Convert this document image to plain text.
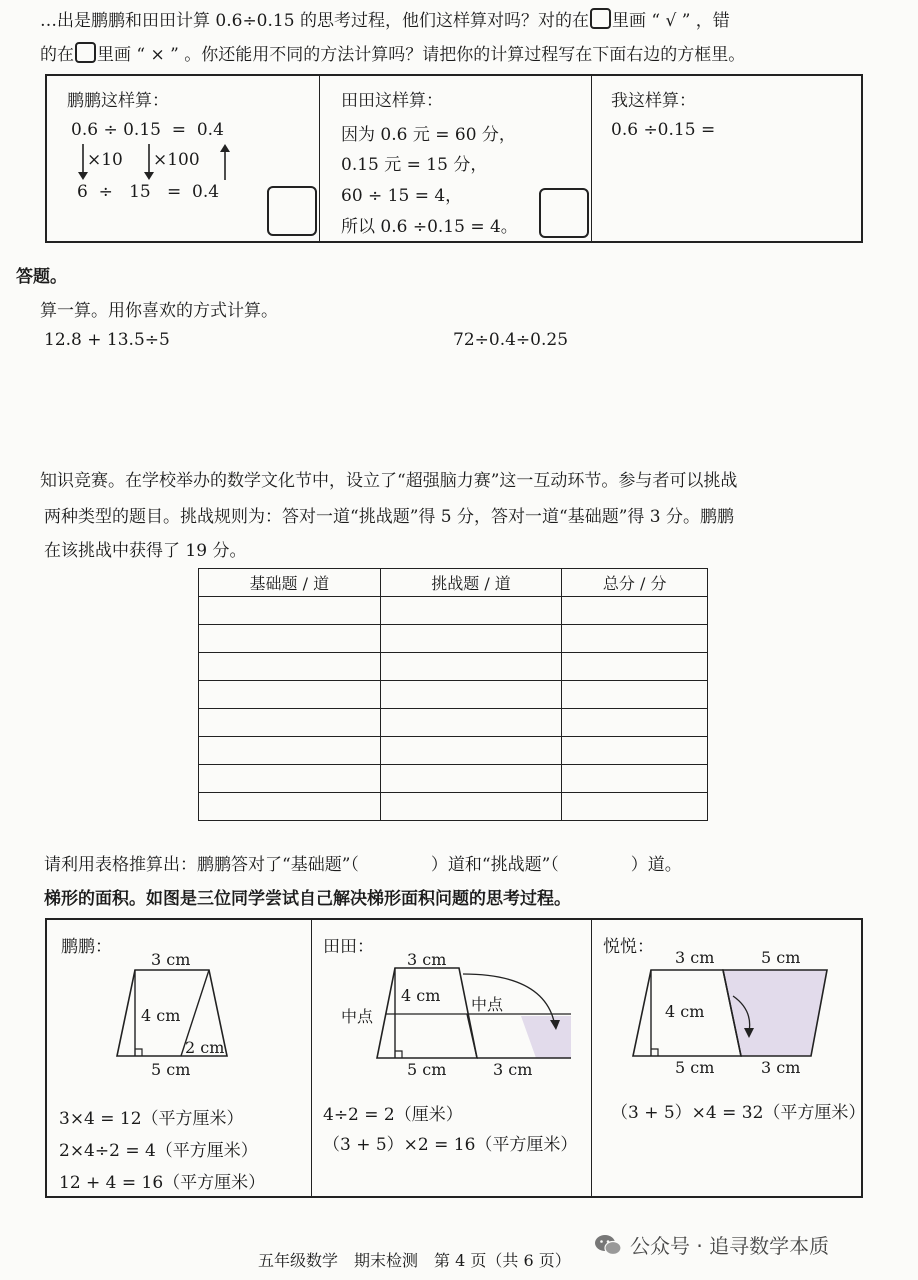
…出是鹏鹏和田田计算 0.6÷0.15 的思考过程，他们这样算对吗？对的在 里画 “ √ ” ，错
的在 里画 “ × ” 。你还能用不同的方法计算吗？请把你的计算过程写在下面右边的方框里。
鹏鹏这样算：
0.6 ÷ 0.15 = 0.4
×10 ×100
6 ÷ 15 = 0.4
田田这样算：
因为 0.6 元 = 60 分，
0.15 元 = 15 分，
60 ÷ 15 = 4，
所以 0.6 ÷0.15 = 4。
我这样算：
0.6 ÷0.15 =
答题。
算一算。用你喜欢的方式计算。
12.8 + 13.5÷5	72÷0.4÷0.25
知识竞赛。在学校举办的数学文化节中，设立了“超强脑力赛”这一互动环节。参与者可以挑战
两种类型的题目。挑战规则为：答对一道“挑战题”得 5 分，答对一道“基础题”得 3 分。鹏鹏
在该挑战中获得了 19 分。
基础题 / 道	挑战题 / 道	总分 / 分

请利用表格推算出：鹏鹏答对了“基础题”（	）道和“挑战题”（	）道。
梯形的面积。如图是三位同学尝试自己解决梯形面积问题的思考过程。
鹏鹏：
3 cm
4 cm
2 cm
5 cm
3×4 = 12（平方厘米）
2×4÷2 = 4（平方厘米）
12 + 4 = 16（平方厘米）
田田：
3 cm
4 cm
中点
中点
5 cm	3 cm
4÷2 = 2（厘米）
（3 + 5）×2 = 16（平方厘米）
悦悦：
3 cm	5 cm
4 cm
5 cm	3 cm
（3 + 5）×4 = 32（平方厘米）
五年级数学　期末检测　第 4 页（共 6 页）
公众号 · 追寻数学本质
